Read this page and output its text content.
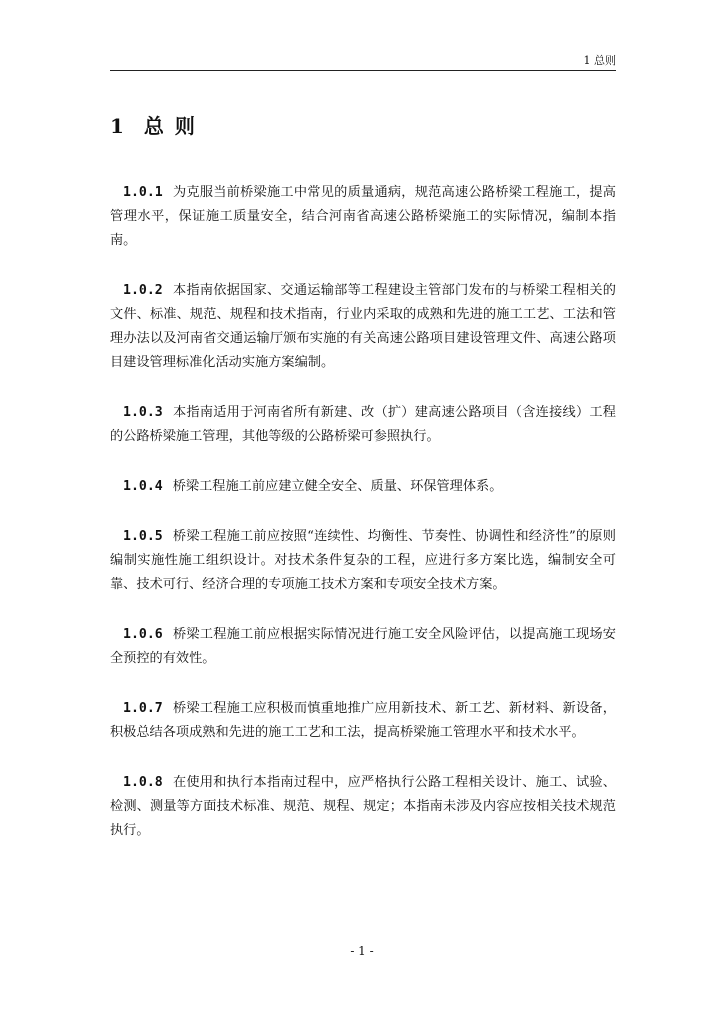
1 总则
1 总 则

1.0.1 为克服当前桥梁施工中常见的质量通病，规范高速公路桥梁工程施工，提高管理水平，保证施工质量安全，结合河南省高速公路桥梁施工的实际情况，编制本指南。

1.0.2 本指南依据国家、交通运输部等工程建设主管部门发布的与桥梁工程相关的文件、标准、规范、规程和技术指南，行业内采取的成熟和先进的施工工艺、工法和管理办法以及河南省交通运输厅颁布实施的有关高速公路项目建设管理文件、高速公路项目建设管理标准化活动实施方案编制。

1.0.3 本指南适用于河南省所有新建、改（扩）建高速公路项目（含连接线）工程的公路桥梁施工管理，其他等级的公路桥梁可参照执行。

1.0.4 桥梁工程施工前应建立健全安全、质量、环保管理体系。

1.0.5 桥梁工程施工前应按照“连续性、均衡性、节奏性、协调性和经济性”的原则编制实施性施工组织设计。对技术条件复杂的工程，应进行多方案比选，编制安全可靠、技术可行、经济合理的专项施工技术方案和专项安全技术方案。

1.0.6 桥梁工程施工前应根据实际情况进行施工安全风险评估，以提高施工现场安全预控的有效性。

1.0.7 桥梁工程施工应积极而慎重地推广应用新技术、新工艺、新材料、新设备，积极总结各项成熟和先进的施工工艺和工法，提高桥梁施工管理水平和技术水平。

1.0.8 在使用和执行本指南过程中，应严格执行公路工程相关设计、施工、试验、检测、测量等方面技术标准、规范、规程、规定；本指南未涉及内容应按相关技术规范执行。

- 1 -
